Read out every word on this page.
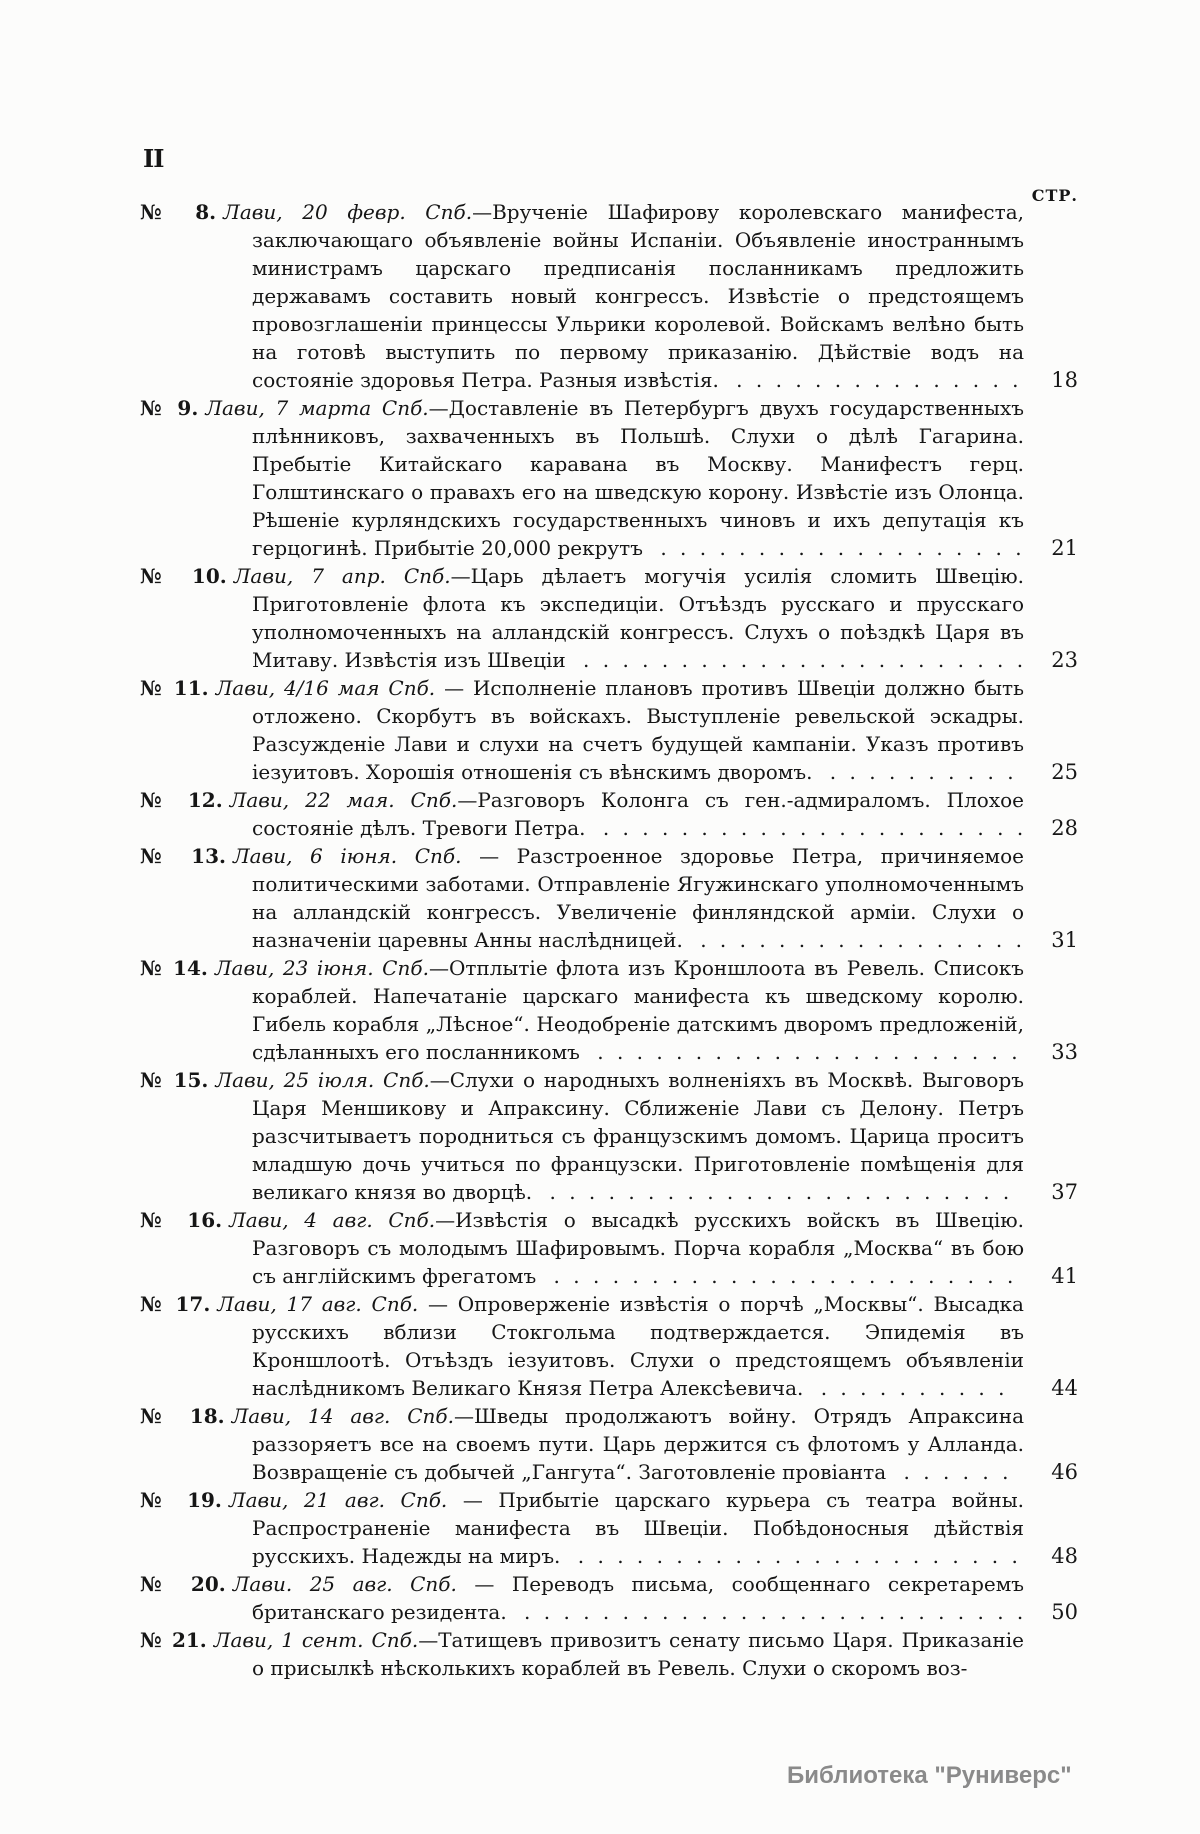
II
СТР.

№ 8. Лави, 20 февр. Спб.—Врученіе Шафирову королевскаго манифеста, заключающаго объявленіе войны Испаніи. Объявленіе иностраннымъ министрамъ царскаго предписанія посланникамъ предложить державамъ составить новый конгрессъ. Извѣстіе о предстоящемъ провозглашеніи принцессы Ульрики королевой. Войскамъ велѣно быть на готовѣ выступить по первому приказанію. Дѣйствіе водъ на состояніе здоровья Петра. Разныя извѣстія. . . . . . . . . . . . . . . .	18

№ 9. Лави, 7 марта Спб.—Доставленіе въ Петербургъ двухъ государственныхъ плѣнниковъ, захваченныхъ въ Польшѣ. Слухи о дѣлѣ Гагарина. Пребытіе Китайскаго каравана въ Москву. Манифестъ герц. Голштинскаго о правахъ его на шведскую корону. Извѣстіе изъ Олонца. Рѣшеніе курляндскихъ государственныхъ чиновъ и ихъ депутація къ герцогинѣ. Прибытіе 20,000 рекрутъ . . . . . . . . . . . . . . . . . . .	21

№ 10. Лави, 7 апр. Спб.—Царь дѣлаетъ могучія усилія сломить Швецію. Приготовленіе флота къ экспедиціи. Отъѣздъ русскаго и прусскаго уполномоченныхъ на алландскій конгрессъ. Слухъ о поѣздкѣ Царя въ Митаву. Извѣстія изъ Швеціи . . . . . . . . . . . . . . . . . . . . . . .	23

№ 11. Лави, 4/16 мая Спб. — Исполненіе плановъ противъ Швеціи должно быть отложено. Скорбутъ въ войскахъ. Выступленіе ревельской эскадры. Разсужденіе Лави и слухи на счетъ будущей кампаніи. Указъ противъ іезуитовъ. Хорошія отношенія съ вѣнскимъ дворомъ. . . . . . . . . . .	25

№ 12. Лави, 22 мая. Спб.—Разговоръ Колонга съ ген.-адмираломъ. Плохое состояніе дѣлъ. Тревоги Петра. . . . . . . . . . . . . . . . . . . . . . .	28

№ 13. Лави, 6 іюня. Спб. — Разстроенное здоровье Петра, причиняемое политическими заботами. Отправленіе Ягужинскаго уполномоченнымъ на алландскій конгрессъ. Увеличеніе финляндской арміи. Слухи о назначеніи царевны Анны наслѣдницей. . . . . . . . . . . . . . . . . .	31

№ 14. Лави, 23 іюня. Спб.—Отплытіе флота изъ Кроншлоота въ Ревель. Списокъ кораблей. Напечатаніе царскаго манифеста къ шведскому королю. Гибель корабля „Лѣсное“. Неодобреніе датскимъ дворомъ предложеній, сдѣланныхъ его посланникомъ . . . . . . . . . . . . . . . . . . . . . .	33

№ 15. Лави, 25 іюля. Спб.—Слухи о народныхъ волненіяхъ въ Москвѣ. Выговоръ Царя Меншикову и Апраксину. Сближеніе Лави съ Делону. Петръ разсчитываетъ породниться съ французскимъ домомъ. Царица проситъ младшую дочь учиться по французски. Приготовленіе помѣщенія для великаго князя во дворцѣ. . . . . . . . . . . . . . . . . . . . . . . . .	37

№ 16. Лави, 4 авг. Спб.—Извѣстія о высадкѣ русскихъ войскъ въ Швецію. Разговоръ съ молодымъ Шафировымъ. Порча корабля „Москва“ въ бою съ англійскимъ фрегатомъ . . . . . . . . . . . . . . . . . . . . . . . .	41

№ 17. Лави, 17 авг. Спб. — Опроверженіе извѣстія о порчѣ „Москвы“. Высадка русскихъ вблизи Стокгольма подтверждается. Эпидемія въ Кроншлоотѣ. Отъѣздъ іезуитовъ. Слухи о предстоящемъ объявленіи наслѣдникомъ Великаго Князя Петра Алексѣевича. . . . . . . . . . .	44

№ 18. Лави, 14 авг. Спб.—Шведы продолжаютъ войну. Отрядъ Апраксина раззоряетъ все на своемъ пути. Царь держится съ флотомъ у Алланда. Возвращеніе съ добычей „Гангута“. Заготовленіе провіанта . . . . . .	46

№ 19. Лави, 21 авг. Спб. — Прибытіе царскаго курьера съ театра войны. Распространеніе манифеста въ Швеціи. Побѣдоносныя дѣйствія русскихъ. Надежды на миръ. . . . . . . . . . . . . . . . . . . . . . . .	48

№ 20. Лави. 25 авг. Спб. — Переводъ письма, сообщеннаго секретаремъ британскаго резидента. . . . . . . . . . . . . . . . . . . . . . . . . . .	50

№ 21. Лави, 1 сент. Спб.—Татищевъ привозитъ сенату письмо Царя. Приказаніе о присылкѣ нѣсколькихъ кораблей въ Ревель. Слухи о скоромъ воз-

Библиотека "Руниверс"
